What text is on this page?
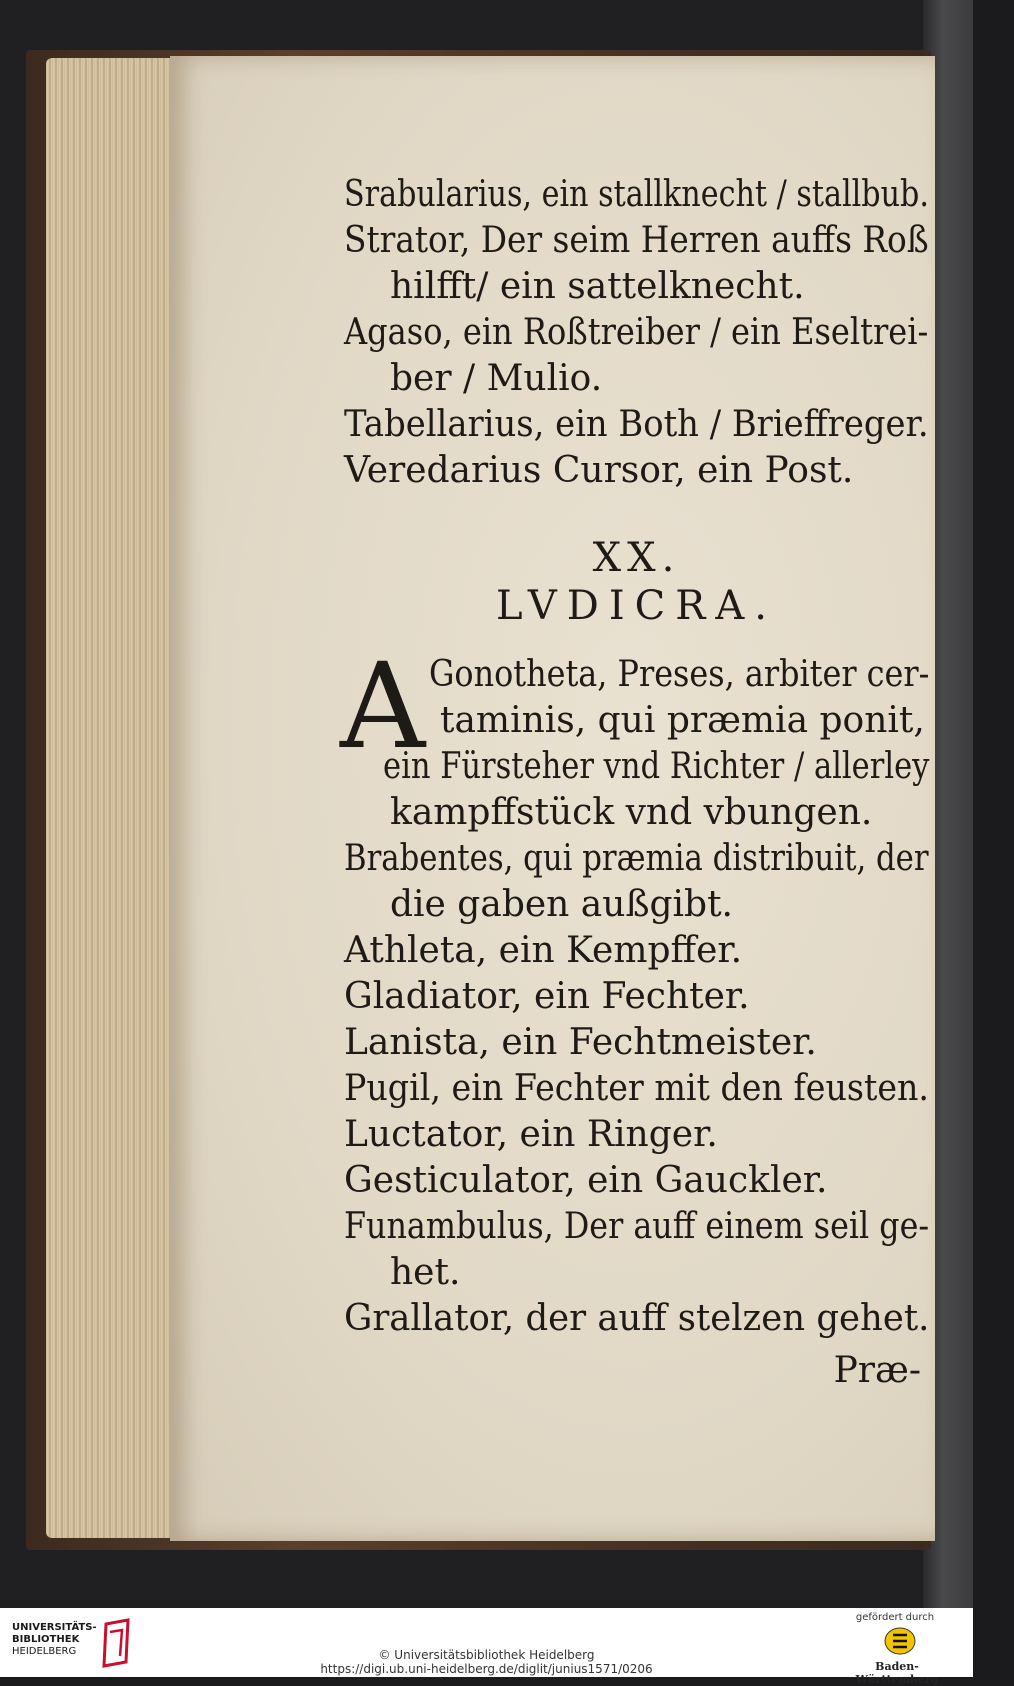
Srabularius, ein stallknecht / stallbub.
Strator, Der seim Herren auffs Roß
hilfft/ ein sattelknecht.
Agaso, ein Roßtreiber / ein Eseltrei-
ber / Mulio.
Tabellarius, ein Both / Brieffreger.
Veredarius Cursor, ein Post.
XX.
LVDICRA.
A Gonotheta, Preses, arbiter cer-
taminis, qui præmia ponit,
ein Fürsteher vnd Richter / allerley
kampffstück vnd vbungen.
Brabentes, qui præmia distribuit, der
die gaben außgibt.
Athleta, ein Kempffer.
Gladiator, ein Fechter.
Lanista, ein Fechtmeister.
Pugil, ein Fechter mit den feusten.
Luctator, ein Ringer.
Gesticulator, ein Gauckler.
Funambulus, Der auff einem seil ge-
het.
Grallator, der auff stelzen gehet.
Præ-
UNIVERSITÄTS-
BIBLIOTHEK
HEIDELBERG	© Universitätsbibliothek Heidelberg
https://digi.ub.uni-heidelberg.de/diglit/junius1571/0206
gefördert durch
Baden-Württemberg
